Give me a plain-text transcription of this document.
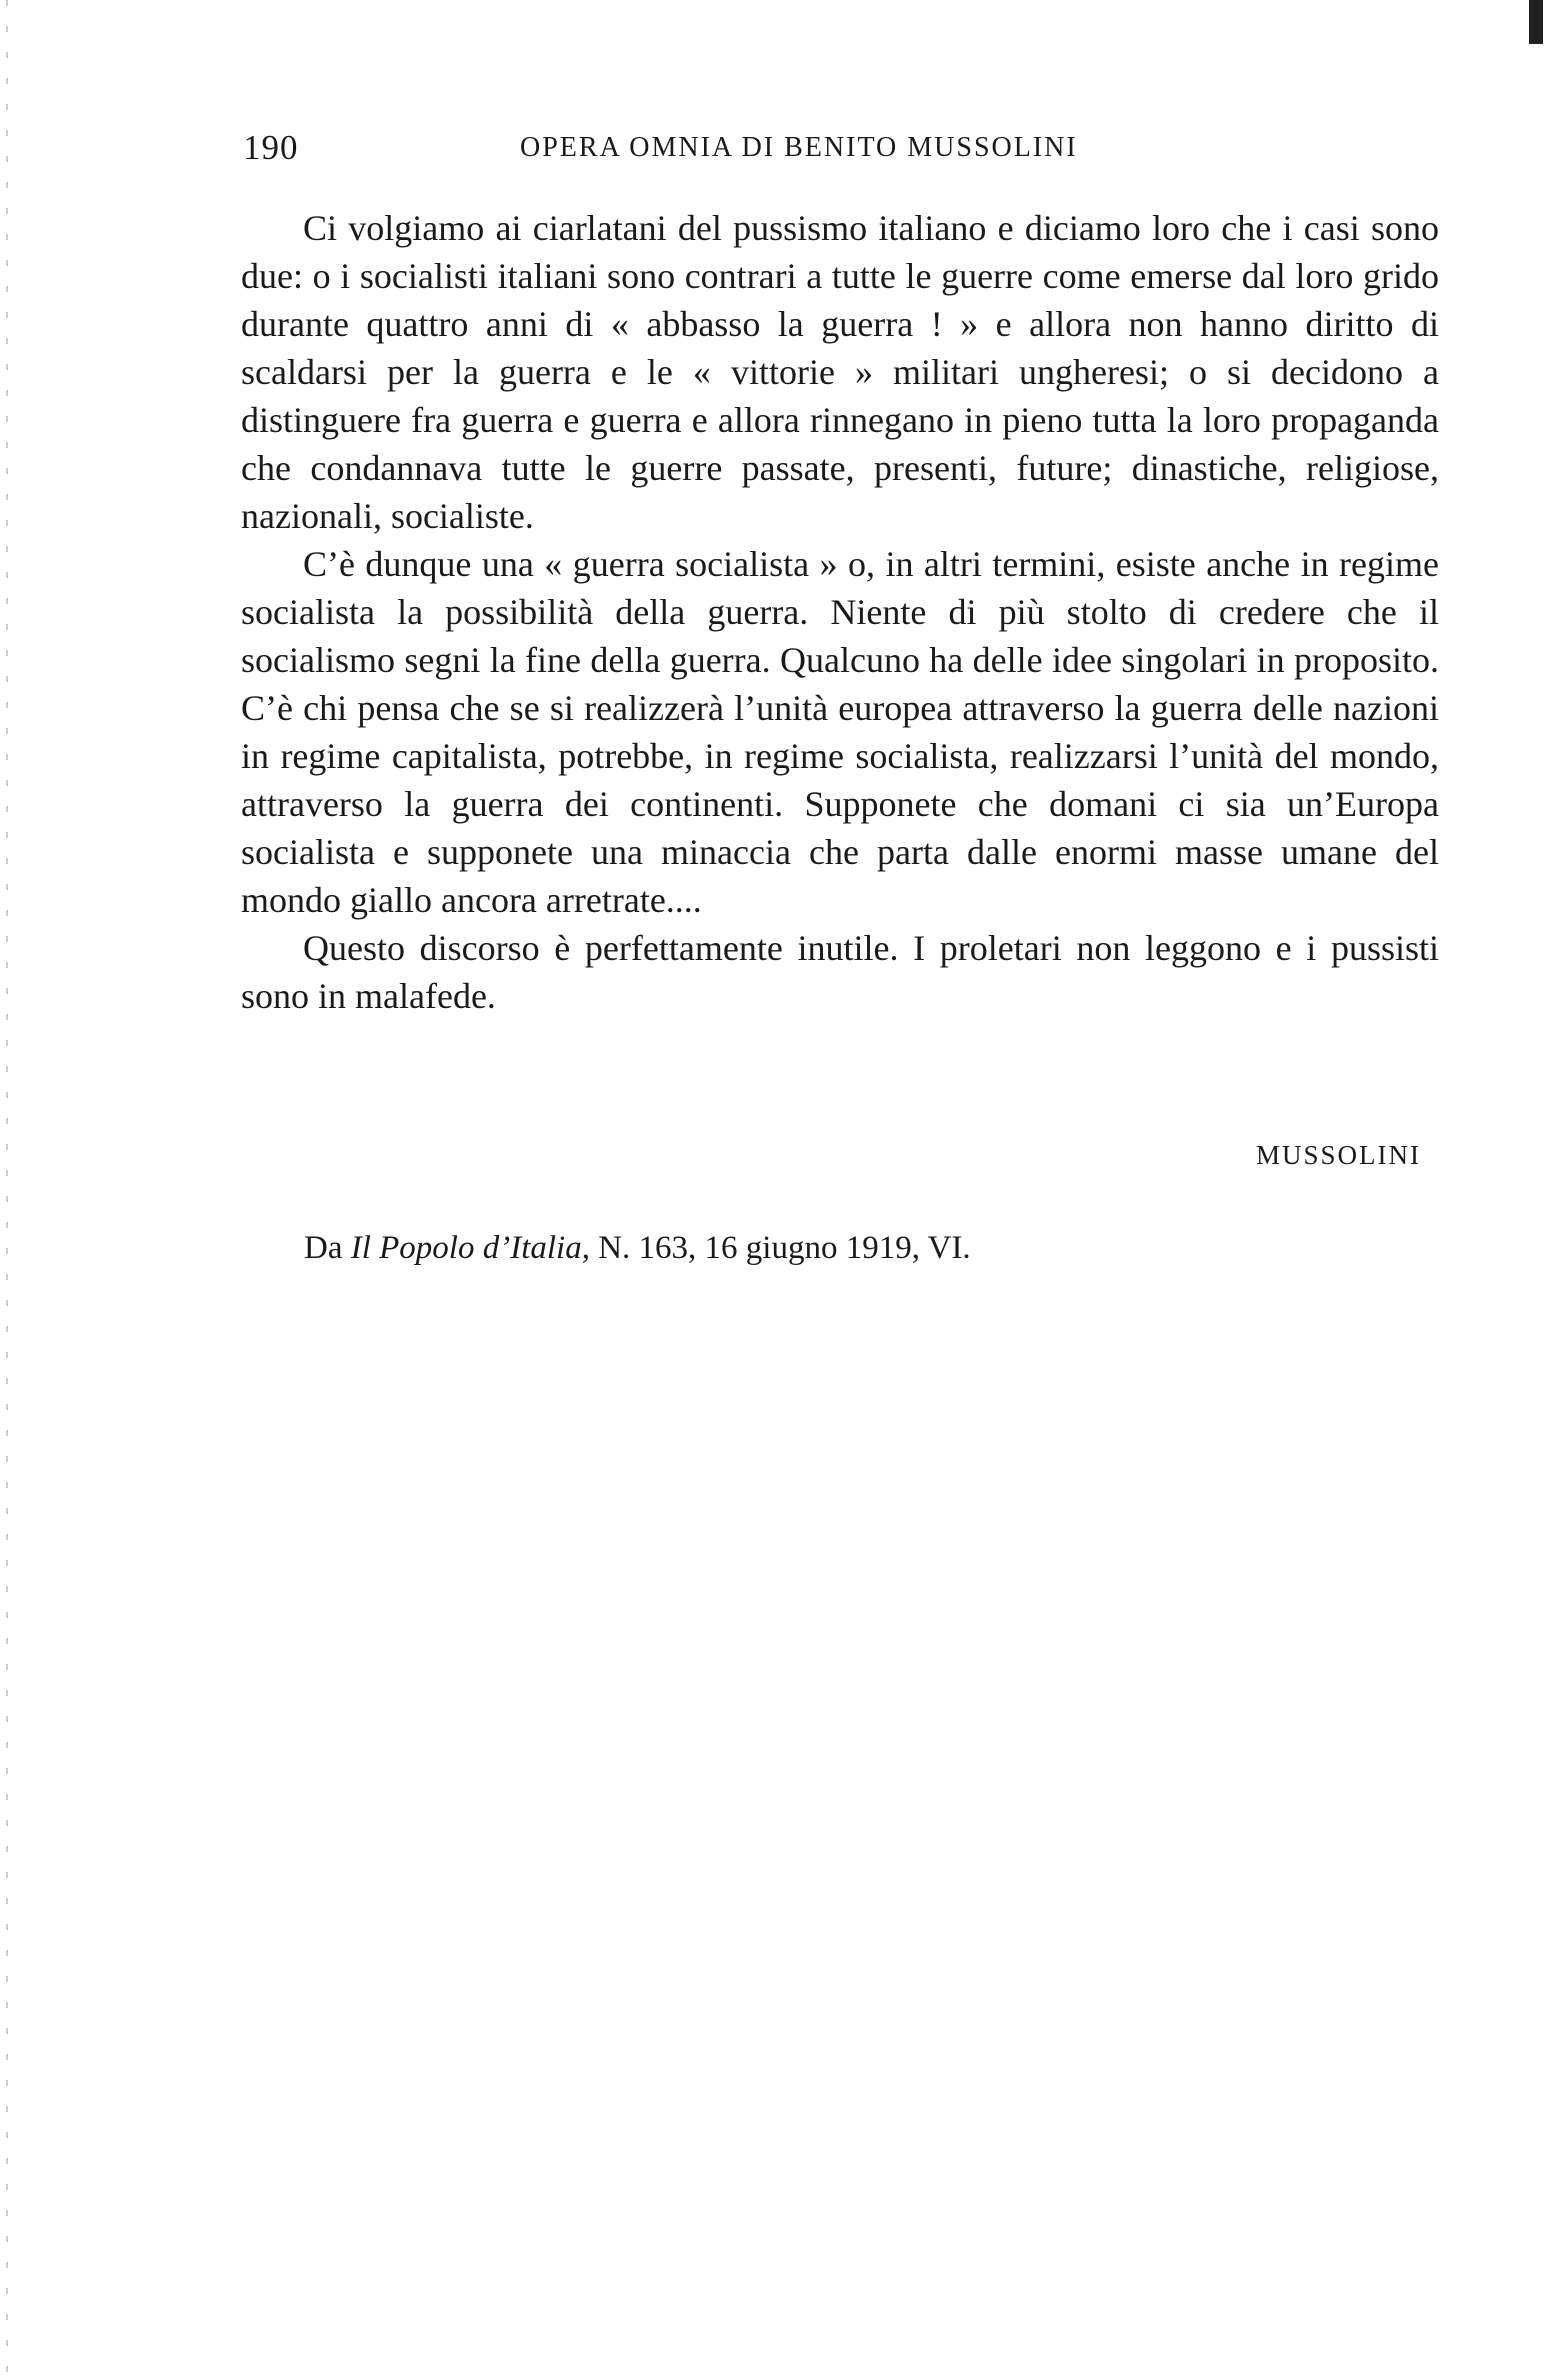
190	OPERA OMNIA DI BENITO MUSSOLINI

Ci volgiamo ai ciarlatani del pussismo italiano e diciamo loro che i casi sono due: o i socialisti italiani sono contrari a tutte le guerre come emerse dal loro grido durante quattro anni di « abbasso la guerra ! » e allora non hanno diritto di scaldarsi per la guerra e le « vittorie » militari ungheresi; o si decidono a distinguere fra guerra e guerra e allora rinnegano in pieno tutta la loro propaganda che condannava tutte le guerre passate, presenti, future; dinastiche, religiose, nazionali, socialiste.

C’è dunque una « guerra socialista » o, in altri termini, esiste anche in regime socialista la possibilità della guerra. Niente di più stolto di credere che il socialismo segni la fine della guerra. Qualcuno ha delle idee singolari in proposito. C’è chi pensa che se si realizzerà l’unità europea attraverso la guerra delle nazioni in regime capitalista, potrebbe, in regime socialista, realizzarsi l’unità del mondo, attraverso la guerra dei continenti. Supponete che domani ci sia un’Europa socialista e supponete una minaccia che parta dalle enormi masse umane del mondo giallo ancora arretrate....

Questo discorso è perfettamente inutile. I proletari non leggono e i pussisti sono in malafede.

MUSSOLINI
Da Il Popolo d’Italia, N. 163, 16 giugno 1919, VI.
